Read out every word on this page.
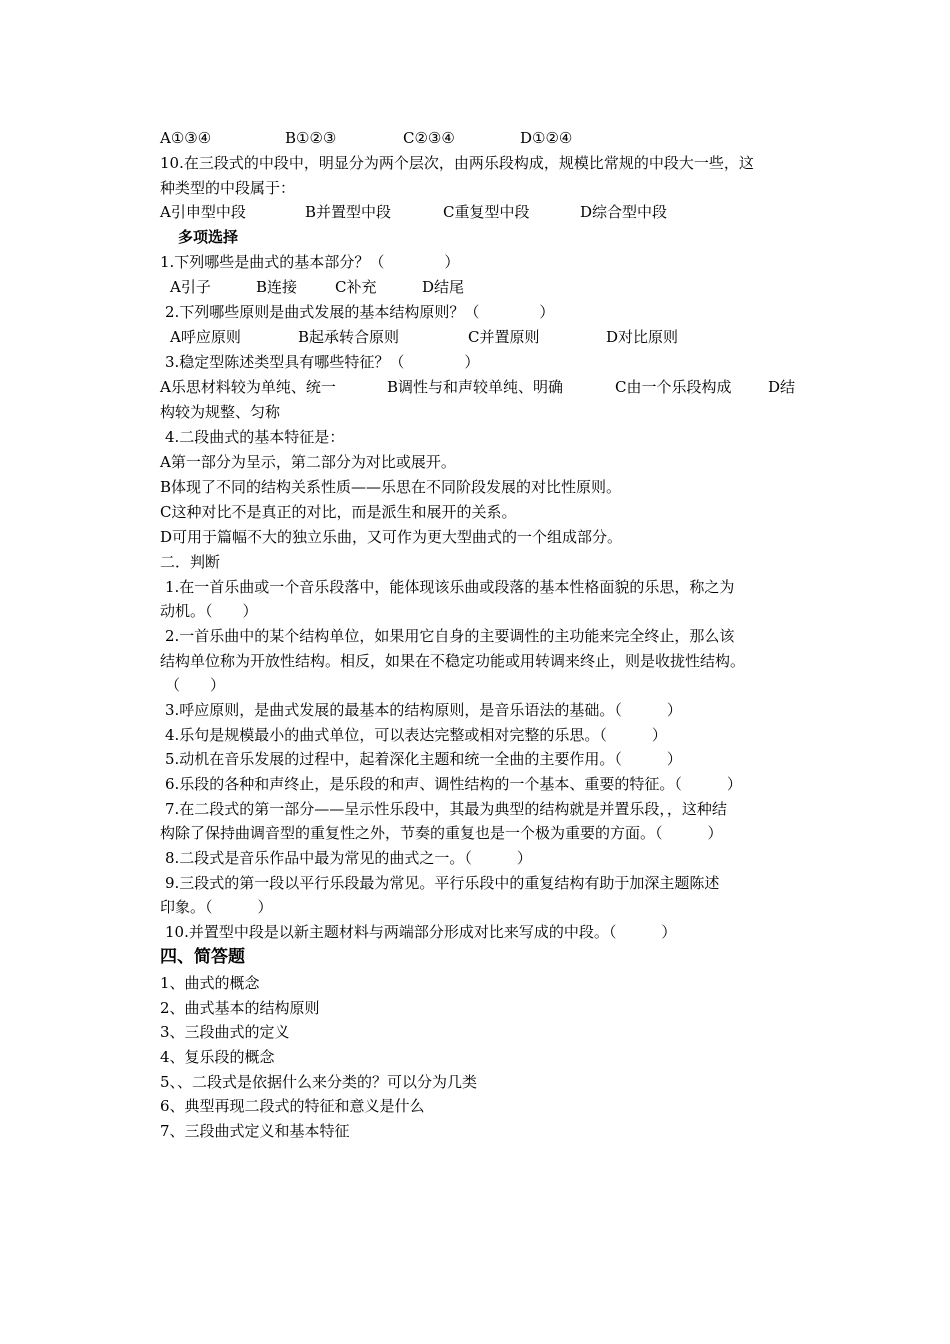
A①③④	B①②③	C②③④	D①②④
10.在三段式的中段中，明显分为两个层次，由两乐段构成，规模比常规的中段大一些，这
种类型的中段属于：
A引申型中段	B并置型中段	C重复型中段	D综合型中段
多项选择
1.下列哪些是曲式的基本部分？（　　　　）
A引子	B连接	C补充	D结尾
2.下列哪些原则是曲式发展的基本结构原则？（　　　　）
A呼应原则	B起承转合原则	C并置原则	D对比原则
3.稳定型陈述类型具有哪些特征？（　　　　）
A乐思材料较为单纯、统一	B调性与和声较单纯、明确	C由一个乐段构成 D结
构较为规整、匀称
4.二段曲式的基本特征是：
A第一部分为呈示，第二部分为对比或展开。
B体现了不同的结构关系性质——乐思在不同阶段发展的对比性原则。
C这种对比不是真正的对比，而是派生和展开的关系。
D可用于篇幅不大的独立乐曲，又可作为更大型曲式的一个组成部分。
二．判断
1.在一首乐曲或一个音乐段落中，能体现该乐曲或段落的基本性格面貌的乐思，称之为
动机。（　　）
2.一首乐曲中的某个结构单位，如果用它自身的主要调性的主功能来完全终止，那么该
结构单位称为开放性结构。相反，如果在不稳定功能或用转调来终止，则是收拢性结构。
（　　）
3.呼应原则，是曲式发展的最基本的结构原则，是音乐语法的基础。（　　　）
4.乐句是规模最小的曲式单位，可以表达完整或相对完整的乐思。（　　　）
5.动机在音乐发展的过程中，起着深化主题和统一全曲的主要作用。（　　　）
6.乐段的各种和声终止，是乐段的和声、调性结构的一个基本、重要的特征。（　　　）
7.在二段式的第一部分——呈示性乐段中，其最为典型的结构就是并置乐段，，这种结
构除了保持曲调音型的重复性之外，节奏的重复也是一个极为重要的方面。（　　　）
8.二段式是音乐作品中最为常见的曲式之一。（　　　）
9.三段式的第一段以平行乐段最为常见。平行乐段中的重复结构有助于加深主题陈述
印象。（　　　）
10.并置型中段是以新主题材料与两端部分形成对比来写成的中段。（　　　）
四、简答题
1、曲式的概念
2、曲式基本的结构原则
3、三段曲式的定义
4、复乐段的概念
5、、二段式是依据什么来分类的？可以分为几类
6、典型再现二段式的特征和意义是什么
7、三段曲式定义和基本特征
